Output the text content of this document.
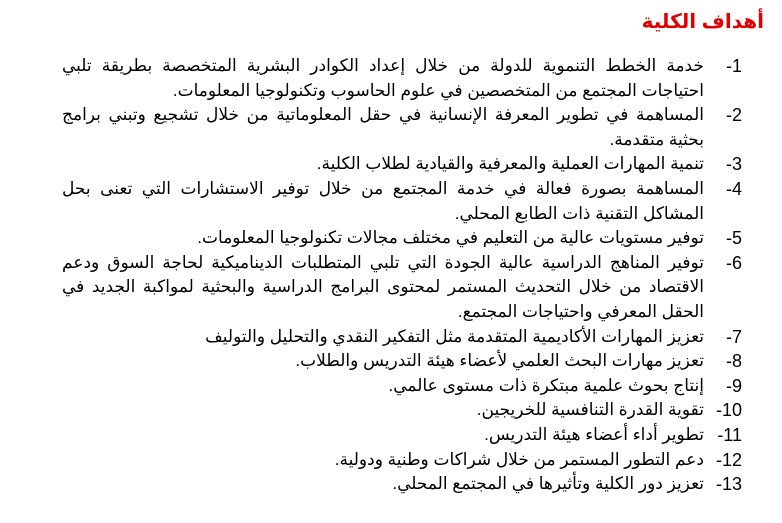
أهداف الكلية
-1
خدمة الخطط التنموية للدولة من خلال إعداد الكوادر البشرية المتخصصة بطريقة تلبي احتياجات المجتمع من المتخصصين في علوم الحاسوب وتكنولوجيا المعلومات.
-2
المساهمة في تطوير المعرفة الإنسانية في حقل المعلوماتية من خلال تشجيع وتبني برامج بحثية متقدمة.
-3
تنمية المهارات العملية والمعرفية والقيادية لطلاب الكلية.
-4
المساهمة بصورة فعالة في خدمة المجتمع من خلال توفير الاستشارات التي تعنى بحل المشاكل التقنية ذات الطابع المحلي.
-5
توفير مستويات عالية من التعليم في مختلف مجالات تكنولوجيا المعلومات.
-6
توفير المناهج الدراسية عالية الجودة التي تلبي المتطلبات الديناميكية لحاجة السوق ودعم الاقتصاد من خلال التحديث المستمر لمحتوى البرامج الدراسية والبحثية لمواكبة الجديد في الحقل المعرفي واحتياجات المجتمع.
-7
تعزيز المهارات الأكاديمية المتقدمة مثل التفكير النقدي والتحليل والتوليف
-8
تعزيز مهارات البحث العلمي لأعضاء هيئة التدريس والطلاب.
-9
إنتاج بحوث علمية مبتكرة ذات مستوى عالمي.
-10
تقوية القدرة التنافسية للخريجين.
-11
تطوير أداء أعضاء هيئة التدريس.
-12
دعم التطور المستمر من خلال شراكات وطنية ودولية.
-13
تعزيز دور الكلية وتأثيرها في المجتمع المحلي.
